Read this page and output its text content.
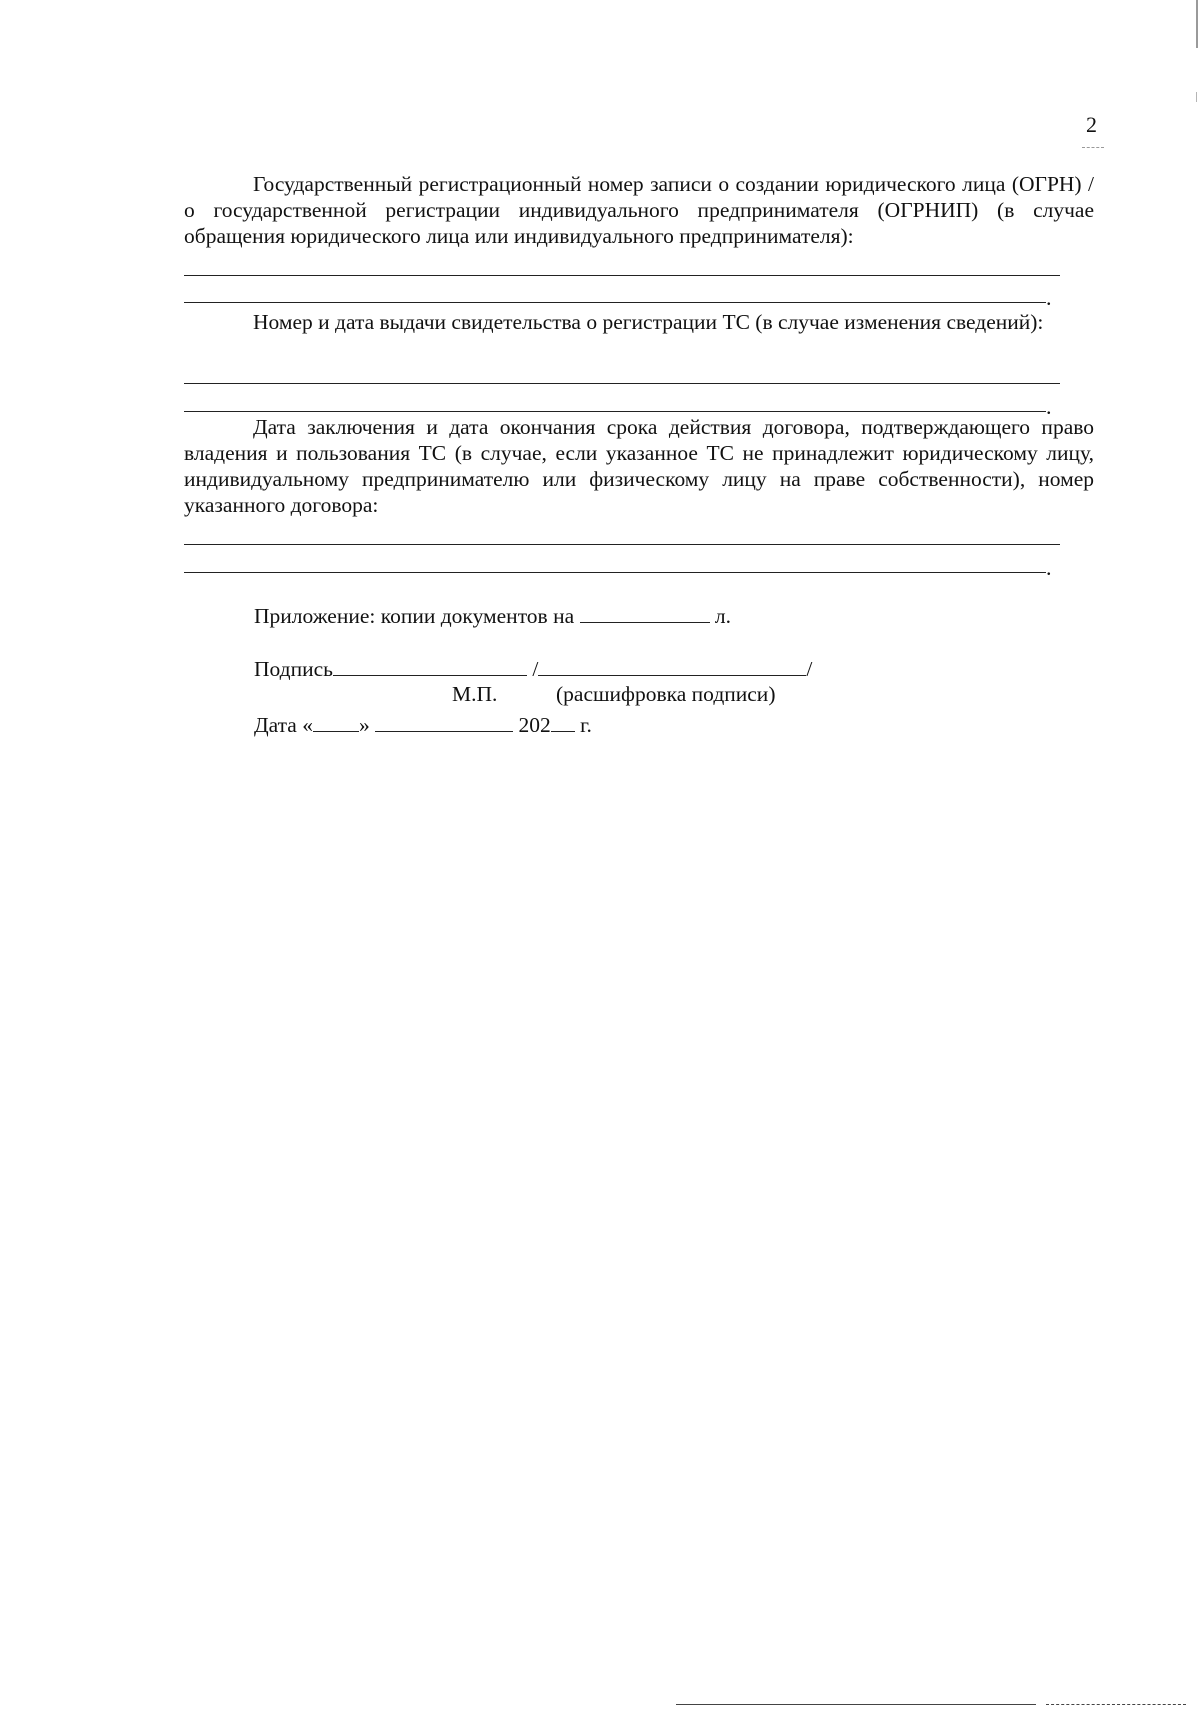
2

Государственный регистрационный номер записи о создании юридического лица (ОГРН) / о государственной регистрации индивидуального предпринимателя (ОГРНИП) (в случае обращения юридического лица или индивидуального предпринимателя):

.

Номер и дата выдачи свидетельства о регистрации ТС (в случае изменения сведений):

.

Дата заключения и дата окончания срока действия договора, подтверждающего право владения и пользования ТС (в случае, если указанное ТС не принадлежит юридическому лицу, индивидуальному предпринимателю или физическому лицу на праве собственности), номер указанного договора:

.
Приложение: копии документов на	л.
Подпись	/	/
М.П.	(расшифровка подписи)
Дата « »	202 г.
